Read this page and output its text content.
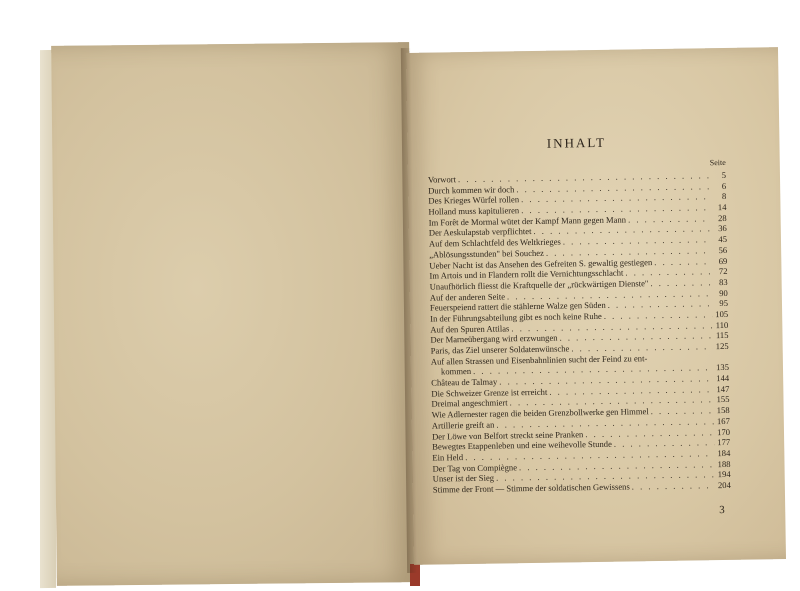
INHALT
Seite
Vorwort . . .	5
Durch kommen wir doch . . .	6
Des Krieges Würfel rollen . . .	8
Holland muss kapitulieren . . .	14
Im Forêt de Mormal wütet der Kampf Mann gegen Mann . . .	28
Der Aeskulapstab verpflichtet . . .	36
Auf dem Schlachtfeld des Weltkrieges . . .	45
„Ablösungsstunden" bei Souchez . . .	56
Ueber Nacht ist das Ansehen des Gefreiten S. gewaltig gestiegen . . .	69
Im Artois und in Flandern rollt die Vernichtungsschlacht . . .	72
Unaufhörlich fliesst die Kraftquelle der „rückwärtigen Dienste" . . .	83
Auf der anderen Seite . . .	90
Feuerspeiend rattert die stählerne Walze gen Süden . . .	95
In der Führungsabteilung gibt es noch keine Ruhe . . .	105
Auf den Spuren Attilas . . .	110
Der Marneübergang wird erzwungen . . .	115
Paris, das Ziel unserer Soldatenwünsche . . .	125
Auf allen Strassen und Eisenbahnlinien sucht der Feind zu ent-
kommen . . .	135
Château de Talmay . . .	144
Die Schweizer Grenze ist erreicht . . .	147
Dreimal angeschmiert . . .	155
Wie Adlernester ragen die beiden Grenzbollwerke gen Himmel . . .	158
Artillerie greift an . . .	167
Der Löwe von Belfort streckt seine Pranken . . .	170
Bewegtes Etappenleben und eine weihevolle Stunde . . .	177
Ein Held . . .	184
Der Tag von Compiègne . . .	188
Unser ist der Sieg . . .	194
Stimme der Front — Stimme der soldatischen Gewissens . . .	204
3
